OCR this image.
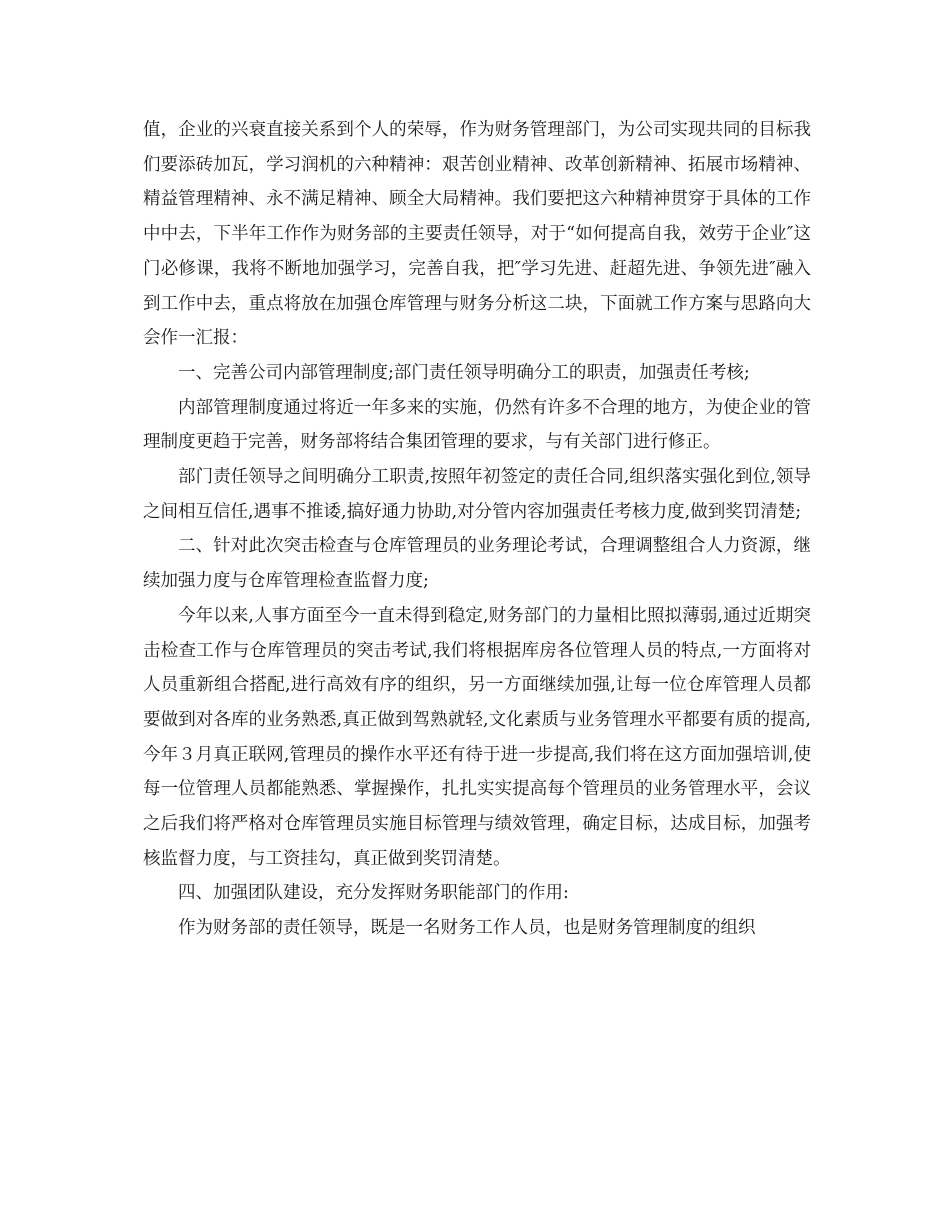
值，企业的兴衰直接关系到个人的荣辱，作为财务管理部门，为公司实现共同的目标我们要添砖加瓦，学习润机的六种精神：艰苦创业精神、改革创新精神、拓展市场精神、精益管理精神、永不满足精神、顾全大局精神。我们要把这六种精神贯穿于具体的工作中中去，下半年工作作为财务部的主要责任领导，对于“如何提高自我，效劳于企业″这门必修课，我将不断地加强学习，完善自我，把″学习先进、赶超先进、争领先进″融入到工作中去，重点将放在加强仓库管理与财务分析这二块，下面就工作方案与思路向大会作一汇报：

一、完善公司内部管理制度;部门责任领导明确分工的职责，加强责任考核;

内部管理制度通过将近一年多来的实施，仍然有许多不合理的地方，为使企业的管理制度更趋于完善，财务部将结合集团管理的要求，与有关部门进行修正。

部门责任领导之间明确分工职责,按照年初签定的责任合同,组织落实强化到位,领导之间相互信任,遇事不推诿,搞好通力协助,对分管内容加强责任考核力度,做到奖罚清楚;

二、针对此次突击检查与仓库管理员的业务理论考试，合理调整组合人力资源，继续加强力度与仓库管理检查监督力度;

今年以来,人事方面至今一直未得到稳定,财务部门的力量相比照拟薄弱,通过近期突击检查工作与仓库管理员的突击考试,我们将根据库房各位管理人员的特点,一方面将对人员重新组合搭配,进行高效有序的组织，另一方面继续加强,让每一位仓库管理人员都要做到对各库的业务熟悉,真正做到驾熟就轻,文化素质与业务管理水平都要有质的提高,今年３月真正联网,管理员的操作水平还有待于进一步提高,我们将在这方面加强培训,使每一位管理人员都能熟悉、掌握操作，扎扎实实提高每个管理员的业务管理水平，会议之后我们将严格对仓库管理员实施目标管理与绩效管理，确定目标，达成目标，加强考核监督力度，与工资挂勾，真正做到奖罚清楚。

四、加强团队建设，充分发挥财务职能部门的作用:

作为财务部的责任领导，既是一名财务工作人员，也是财务管理制度的组织
